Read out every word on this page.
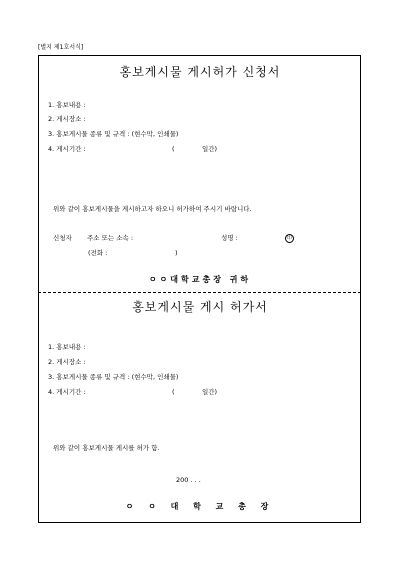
[별지 제1호서식]
홍보게시물 게시허가 신청서
1. 홍보내용 :
2. 게시장소 :
3. 홍보게시물 종류 및 규격 : (현수막, 인쇄물)
4. 게시기간 :	(	일간)
위와 같이 홍보게시물을 게시하고자 하오니 허가하여 주시기 바랍니다.
신청자 주소 또는 소속 :	성명 :	印
(전화 :	)
ㅇㅇ대학교총장 귀하
홍보게시물 게시 허가서
1. 홍보내용 :
2. 게시장소 :
3. 홍보게시물 종류 및 규격 : (현수막, 인쇄물)
4. 게시기간 :	(	일간)
위와 같이 홍보게시물 게시를 허가 함.
200 . . .
ㅇ ㅇ 대 학 교 총 장
